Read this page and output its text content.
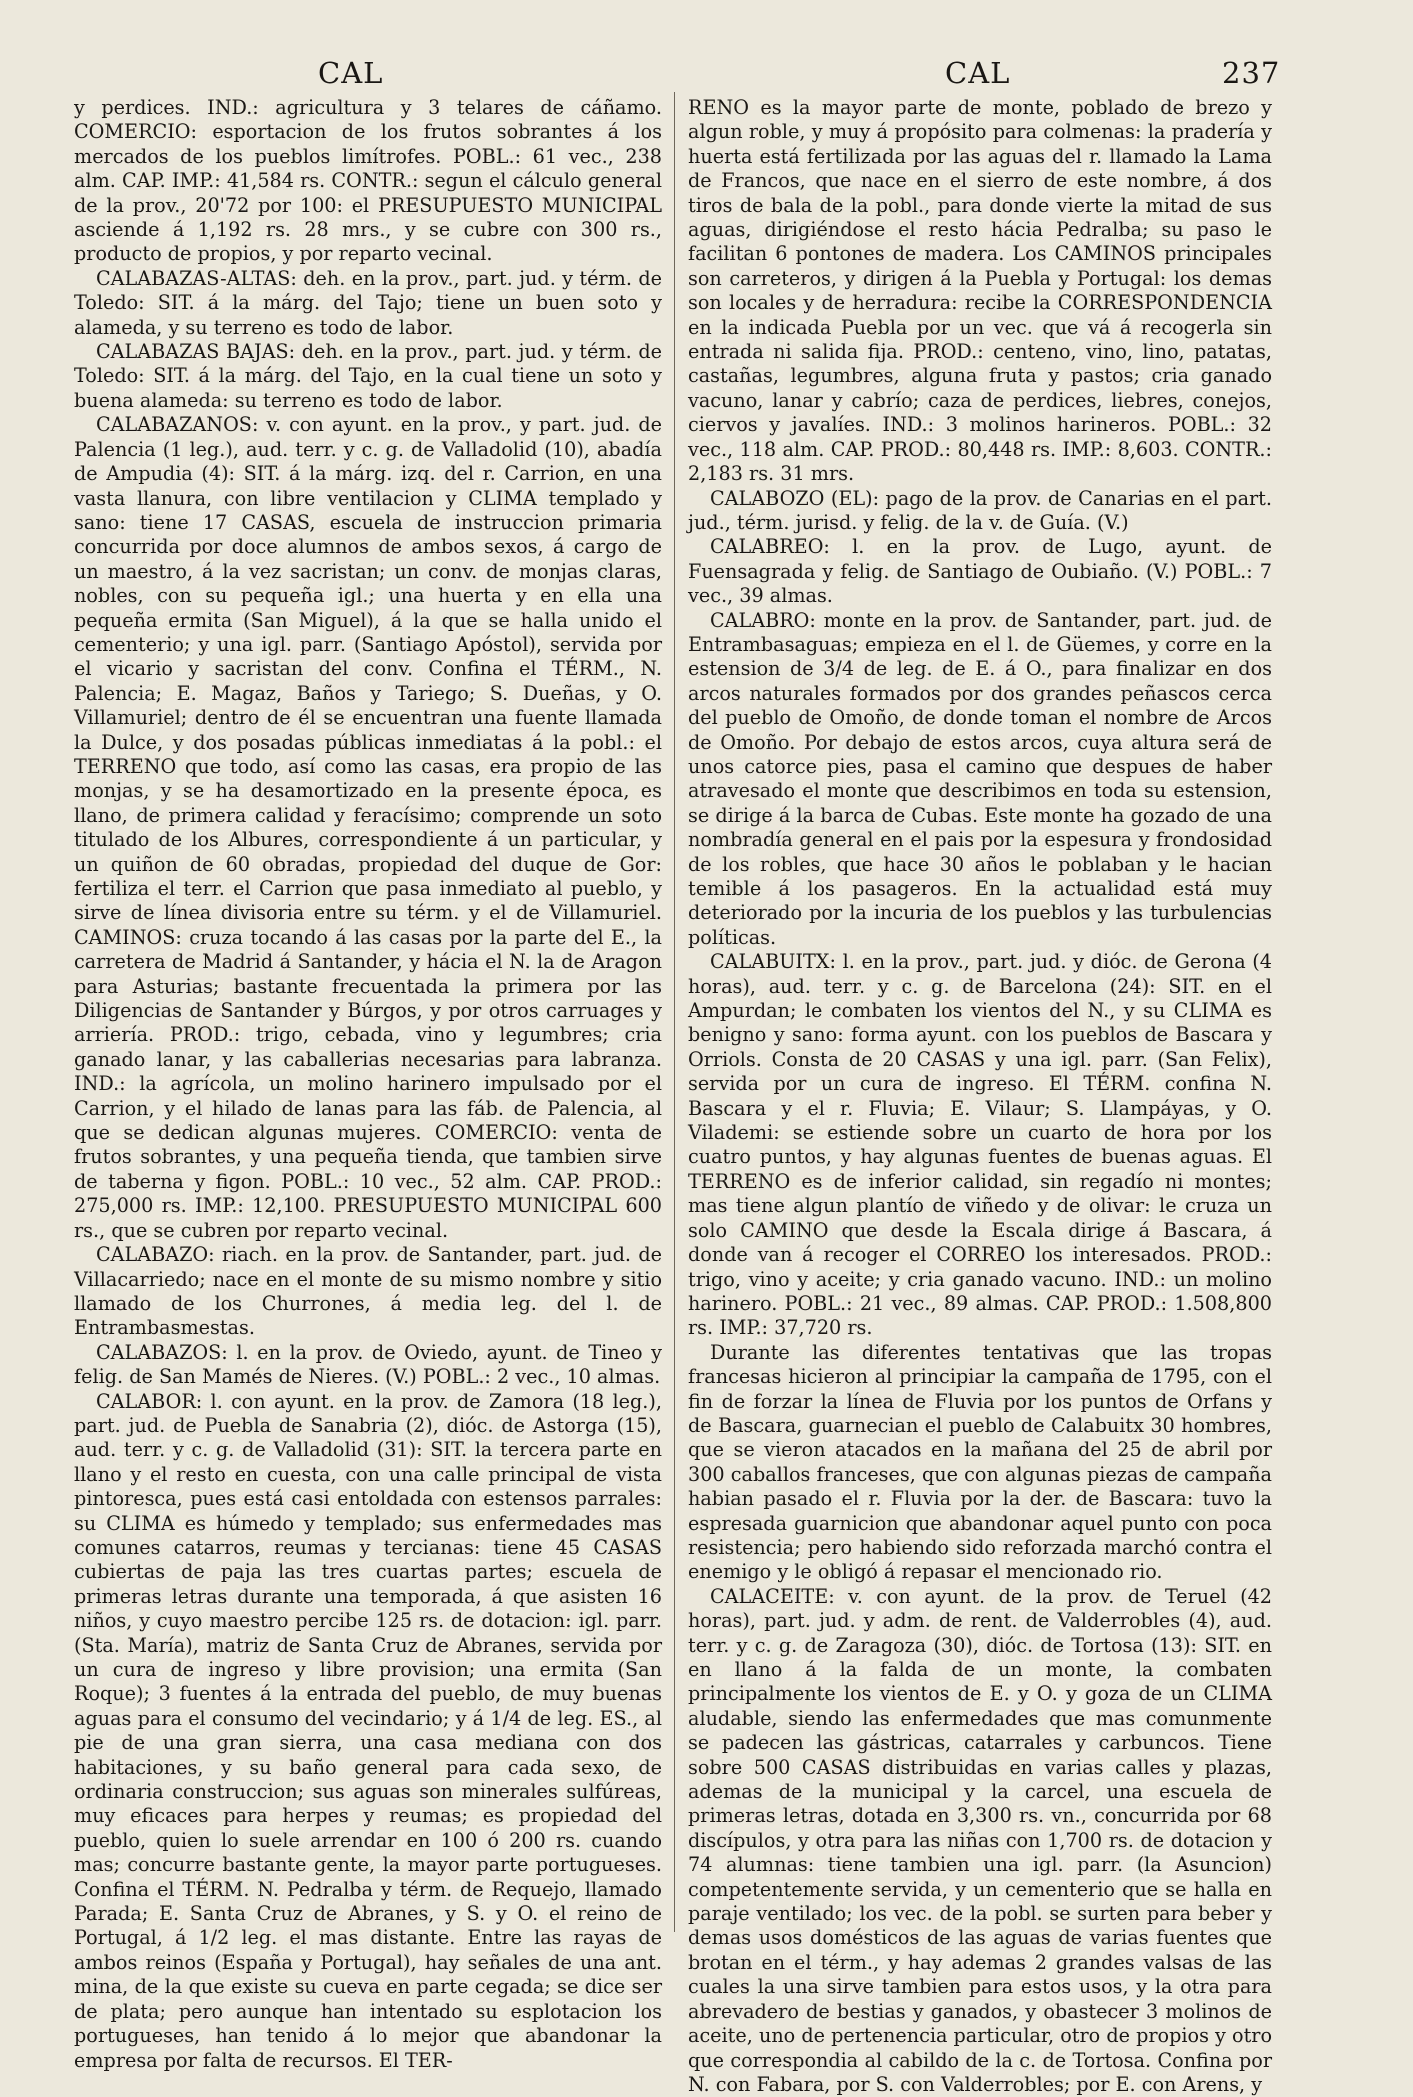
CAL	CAL	237

y perdices. IND.: agricultura y 3 telares de cáñamo. COMERCIO: esportacion de los frutos sobrantes á los mercados de los pueblos limítrofes. POBL.: 61 vec., 238 alm. CAP. IMP.: 41,584 rs. CONTR.: segun el cálculo general de la prov., 20'72 por 100: el PRESUPUESTO MUNICIPAL asciende á 1,192 rs. 28 mrs., y se cubre con 300 rs., producto de propios, y por reparto vecinal.

CALABAZAS-ALTAS: deh. en la prov., part. jud. y térm. de Toledo: SIT. á la márg. del Tajo; tiene un buen soto y alameda, y su terreno es todo de labor.

CALABAZAS BAJAS: deh. en la prov., part. jud. y térm. de Toledo: SIT. á la márg. del Tajo, en la cual tiene un soto y buena alameda: su terreno es todo de labor.

CALABAZANOS: v. con ayunt. en la prov., y part. jud. de Palencia (1 leg.), aud. terr. y c. g. de Valladolid (10), abadía de Ampudia (4): SIT. á la márg. izq. del r. Carrion, en una vasta llanura, con libre ventilacion y CLIMA templado y sano: tiene 17 CASAS, escuela de instruccion primaria concurrida por doce alumnos de ambos sexos, á cargo de un maestro, á la vez sacristan; un conv. de monjas claras, nobles, con su pequeña igl.; una huerta y en ella una pequeña ermita (San Miguel), á la que se halla unido el cementerio; y una igl. parr. (Santiago Apóstol), servida por el vicario y sacristan del conv. Confina el TÉRM., N. Palencia; E. Magaz, Baños y Tariego; S. Dueñas, y O. Villamuriel; dentro de él se encuentran una fuente llamada la Dulce, y dos posadas públicas inmediatas á la pobl.: el TERRENO que todo, así como las casas, era propio de las monjas, y se ha desamortizado en la presente época, es llano, de primera calidad y feracísimo; comprende un soto titulado de los Albures, correspondiente á un particular, y un quiñon de 60 obradas, propiedad del duque de Gor: fertiliza el terr. el Carrion que pasa inmediato al pueblo, y sirve de línea divisoria entre su térm. y el de Villamuriel. CAMINOS: cruza tocando á las casas por la parte del E., la carretera de Madrid á Santander, y hácia el N. la de Aragon para Asturias; bastante frecuentada la primera por las Diligencias de Santander y Búrgos, y por otros carruages y arriería. PROD.: trigo, cebada, vino y legumbres; cria ganado lanar, y las caballerias necesarias para labranza. IND.: la agrícola, un molino harinero impulsado por el Carrion, y el hilado de lanas para las fáb. de Palencia, al que se dedican algunas mujeres. COMERCIO: venta de frutos sobrantes, y una pequeña tienda, que tambien sirve de taberna y figon. POBL.: 10 vec., 52 alm. CAP. PROD.: 275,000 rs. IMP.: 12,100. PRESUPUESTO MUNICIPAL 600 rs., que se cubren por reparto vecinal.

CALABAZO: riach. en la prov. de Santander, part. jud. de Villacarriedo; nace en el monte de su mismo nombre y sitio llamado de los Churrones, á media leg. del l. de Entrambasmestas.

CALABAZOS: l. en la prov. de Oviedo, ayunt. de Tineo y felig. de San Mamés de Nieres. (V.) POBL.: 2 vec., 10 almas.

CALABOR: l. con ayunt. en la prov. de Zamora (18 leg.), part. jud. de Puebla de Sanabria (2), dióc. de Astorga (15), aud. terr. y c. g. de Valladolid (31): SIT. la tercera parte en llano y el resto en cuesta, con una calle principal de vista pintoresca, pues está casi entoldada con estensos parrales: su CLIMA es húmedo y templado; sus enfermedades mas comunes catarros, reumas y tercianas: tiene 45 CASAS cubiertas de paja las tres cuartas partes; escuela de primeras letras durante una temporada, á que asisten 16 niños, y cuyo maestro percibe 125 rs. de dotacion: igl. parr. (Sta. María), matriz de Santa Cruz de Abranes, servida por un cura de ingreso y libre provision; una ermita (San Roque); 3 fuentes á la entrada del pueblo, de muy buenas aguas para el consumo del vecindario; y á 1/4 de leg. ES., al pie de una gran sierra, una casa mediana con dos habitaciones, y su baño general para cada sexo, de ordinaria construccion; sus aguas son minerales sulfúreas, muy eficaces para herpes y reumas; es propiedad del pueblo, quien lo suele arrendar en 100 ó 200 rs. cuando mas; concurre bastante gente, la mayor parte portugueses. Confina el TÉRM. N. Pedralba y térm. de Requejo, llamado Parada; E. Santa Cruz de Abranes, y S. y O. el reino de Portugal, á 1/2 leg. el mas distante. Entre las rayas de ambos reinos (España y Portugal), hay señales de una ant. mina, de la que existe su cueva en parte cegada; se dice ser de plata; pero aunque han intentado su esplotacion los portugueses, han tenido á lo mejor que abandonar la empresa por falta de recursos. El TER-

RENO es la mayor parte de monte, poblado de brezo y algun roble, y muy á propósito para colmenas: la pradería y huerta está fertilizada por las aguas del r. llamado la Lama de Francos, que nace en el sierro de este nombre, á dos tiros de bala de la pobl., para donde vierte la mitad de sus aguas, dirigiéndose el resto hácia Pedralba; su paso le facilitan 6 pontones de madera. Los CAMINOS principales son carreteros, y dirigen á la Puebla y Portugal: los demas son locales y de herradura: recibe la CORRESPONDENCIA en la indicada Puebla por un vec. que vá á recogerla sin entrada ni salida fija. PROD.: centeno, vino, lino, patatas, castañas, legumbres, alguna fruta y pastos; cria ganado vacuno, lanar y cabrío; caza de perdices, liebres, conejos, ciervos y javalíes. IND.: 3 molinos harineros. POBL.: 32 vec., 118 alm. CAP. PROD.: 80,448 rs. IMP.: 8,603. CONTR.: 2,183 rs. 31 mrs.

CALABOZO (EL): pago de la prov. de Canarias en el part. jud., térm. jurisd. y felig. de la v. de Guía. (V.)

CALABREO: l. en la prov. de Lugo, ayunt. de Fuensagrada y felig. de Santiago de Oubiaño. (V.) POBL.: 7 vec., 39 almas.

CALABRO: monte en la prov. de Santander, part. jud. de Entrambasaguas; empieza en el l. de Güemes, y corre en la estension de 3/4 de leg. de E. á O., para finalizar en dos arcos naturales formados por dos grandes peñascos cerca del pueblo de Omoño, de donde toman el nombre de Arcos de Omoño. Por debajo de estos arcos, cuya altura será de unos catorce pies, pasa el camino que despues de haber atravesado el monte que describimos en toda su estension, se dirige á la barca de Cubas. Este monte ha gozado de una nombradía general en el pais por la espesura y frondosidad de los robles, que hace 30 años le poblaban y le hacian temible á los pasageros. En la actualidad está muy deteriorado por la incuria de los pueblos y las turbulencias políticas.

CALABUITX: l. en la prov., part. jud. y dióc. de Gerona (4 horas), aud. terr. y c. g. de Barcelona (24): SIT. en el Ampurdan; le combaten los vientos del N., y su CLIMA es benigno y sano: forma ayunt. con los pueblos de Bascara y Orriols. Consta de 20 CASAS y una igl. parr. (San Felix), servida por un cura de ingreso. El TÉRM. confina N. Bascara y el r. Fluvia; E. Vilaur; S. Llampáyas, y O. Vilademi: se estiende sobre un cuarto de hora por los cuatro puntos, y hay algunas fuentes de buenas aguas. El TERRENO es de inferior calidad, sin regadío ni montes; mas tiene algun plantío de viñedo y de olivar: le cruza un solo CAMINO que desde la Escala dirige á Bascara, á donde van á recoger el CORREO los interesados. PROD.: trigo, vino y aceite; y cria ganado vacuno. IND.: un molino harinero. POBL.: 21 vec., 89 almas. CAP. PROD.: 1.508,800 rs. IMP.: 37,720 rs.

Durante las diferentes tentativas que las tropas francesas hicieron al principiar la campaña de 1795, con el fin de forzar la línea de Fluvia por los puntos de Orfans y de Bascara, guarnecian el pueblo de Calabuitx 30 hombres, que se vieron atacados en la mañana del 25 de abril por 300 caballos franceses, que con algunas piezas de campaña habian pasado el r. Fluvia por la der. de Bascara: tuvo la espresada guarnicion que abandonar aquel punto con poca resistencia; pero habiendo sido reforzada marchó contra el enemigo y le obligó á repasar el mencionado rio.

CALACEITE: v. con ayunt. de la prov. de Teruel (42 horas), part. jud. y adm. de rent. de Valderrobles (4), aud. terr. y c. g. de Zaragoza (30), dióc. de Tortosa (13): SIT. en en llano á la falda de un monte, la combaten principalmente los vientos de E. y O. y goza de un CLIMA aludable, siendo las enfermedades que mas comunmente se padecen las gástricas, catarrales y carbuncos. Tiene sobre 500 CASAS distribuidas en varias calles y plazas, ademas de la municipal y la carcel, una escuela de primeras letras, dotada en 3,300 rs. vn., concurrida por 68 discípulos, y otra para las niñas con 1,700 rs. de dotacion y 74 alumnas: tiene tambien una igl. parr. (la Asuncion) competentemente servida, y un cementerio que se halla en paraje ventilado; los vec. de la pobl. se surten para beber y demas usos domésticos de las aguas de varias fuentes que brotan en el térm., y hay ademas 2 grandes valsas de las cuales la una sirve tambien para estos usos, y la otra para abrevadero de bestias y ganados, y obastecer 3 molinos de aceite, uno de pertenencia particular, otro de propios y otro que correspondia al cabildo de la c. de Tortosa. Confina por N. con Fabara, por S. con Valderrobles; por E. con Arens, y
